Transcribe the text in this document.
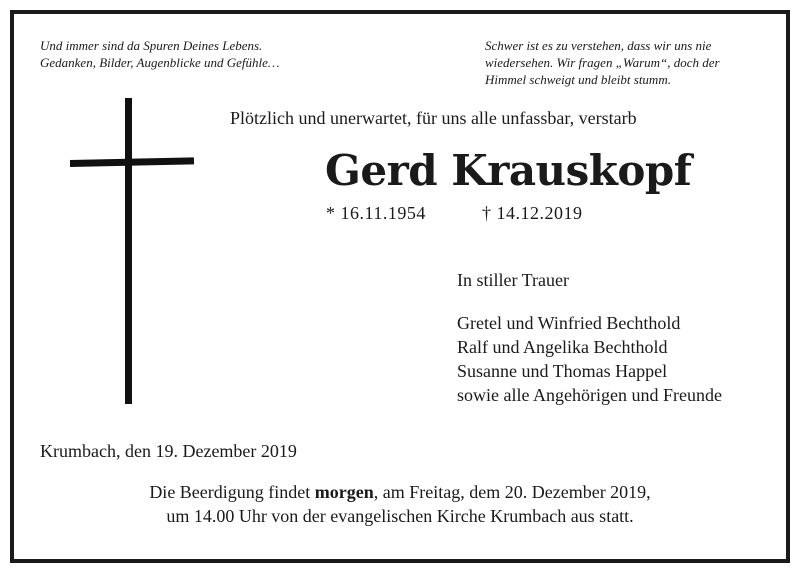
Und immer sind da Spuren Deines Lebens.
Gedanken, Bilder, Augenblicke und Gefühle…
Schwer ist es zu verstehen, dass wir uns nie
wiedersehen. Wir fragen „Warum“, doch der
Himmel schweigt und bleibt stumm.
Plötzlich und unerwartet, für uns alle unfassbar, verstarb
Gerd Krauskopf
* 16.11.1954	† 14.12.2019
In stiller Trauer
Gretel und Winfried Bechthold
Ralf und Angelika Bechthold
Susanne und Thomas Happel
sowie alle Angehörigen und Freunde
Krumbach, den 19. Dezember 2019
Die Beerdigung findet morgen, am Freitag, dem 20. Dezember 2019,
um 14.00 Uhr von der evangelischen Kirche Krumbach aus statt.
